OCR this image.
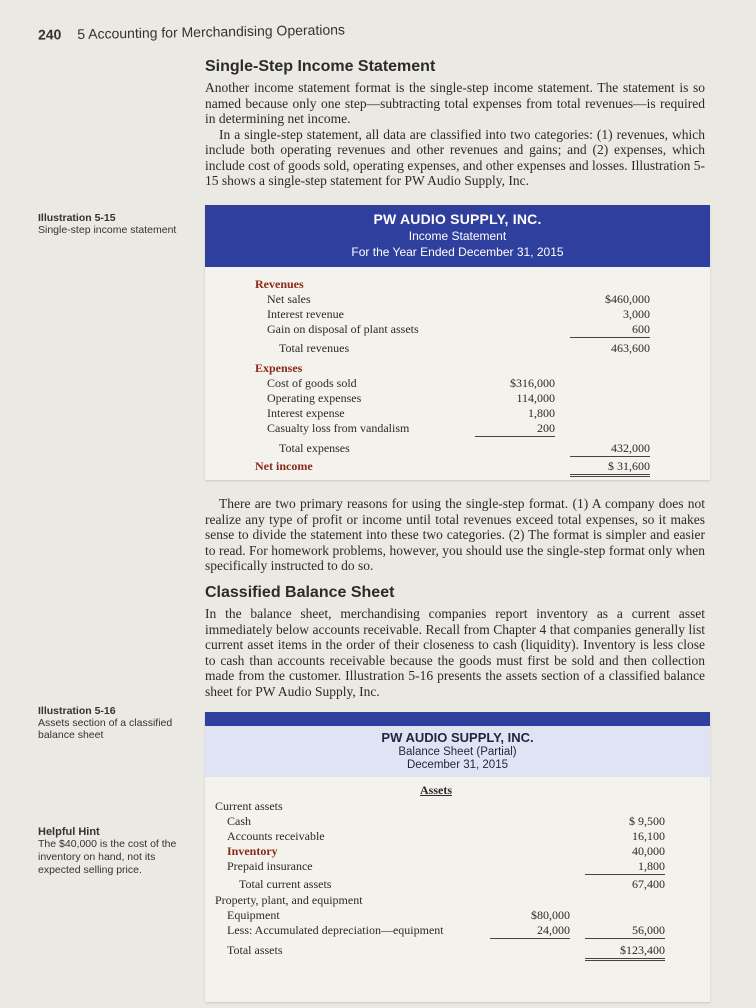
240 5 Accounting for Merchandising Operations
Single-Step Income Statement

Another income statement format is the single-step income statement. The statement is so named because only one step—subtracting total expenses from total revenues—is required in determining net income.

In a single-step statement, all data are classified into two categories: (1) revenues, which include both operating revenues and other revenues and gains; and (2) expenses, which include cost of goods sold, operating expenses, and other expenses and losses. Illustration 5-15 shows a single-step statement for PW Audio Supply, Inc.

Illustration 5-15
Single-step income statement
PW AUDIO SUPPLY, INC.
Income Statement
For the Year Ended December 31, 2015
Revenues
Net sales	$460,000
Interest revenue	3,000
Gain on disposal of plant assets	600
Total revenues	463,600
Expenses
Cost of goods sold	$316,000
Operating expenses	114,000
Interest expense	1,800
Casualty loss from vandalism	200
Total expenses	432,000
Net income	$ 31,600

There are two primary reasons for using the single-step format. (1) A company does not realize any type of profit or income until total revenues exceed total expenses, so it makes sense to divide the statement into these two categories. (2) The format is simpler and easier to read. For homework problems, however, you should use the single-step format only when specifically instructed to do so.

Classified Balance Sheet

In the balance sheet, merchandising companies report inventory as a current asset immediately below accounts receivable. Recall from Chapter 4 that companies generally list current asset items in the order of their closeness to cash (liquidity). Inventory is less close to cash than accounts receivable because the goods must first be sold and then collection made from the customer. Illustration 5-16 presents the assets section of a classified balance sheet for PW Audio Supply, Inc.

Illustration 5-16
Assets section of a classified balance sheet
Helpful Hint
The $40,000 is the cost of the inventory on hand, not its expected selling price.
PW AUDIO SUPPLY, INC.
Balance Sheet (Partial)
December 31, 2015
Assets
Current assets
Cash	$ 9,500
Accounts receivable	16,100
Inventory	40,000
Prepaid insurance	1,800
Total current assets	67,400
Property, plant, and equipment
Equipment	$80,000
Less: Accumulated depreciation—equipment	24,000	56,000
Total assets	$123,400
